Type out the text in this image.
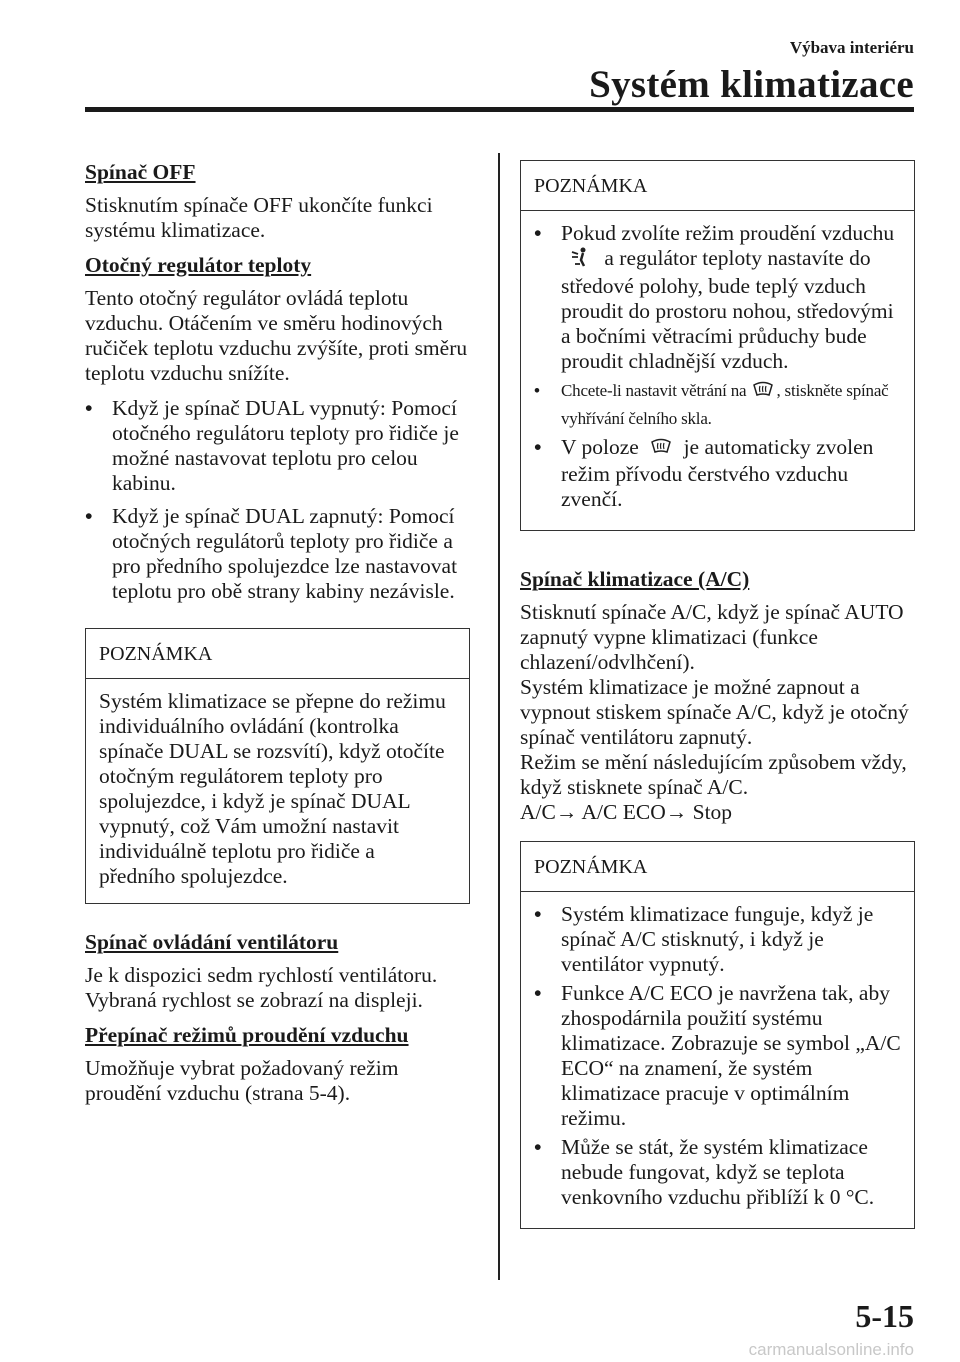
Výbava interiéru
Systém klimatizace
Spínač OFF
Stisknutím spínače OFF ukončíte funkci systému klimatizace.
Otočný regulátor teploty
Tento otočný regulátor ovládá teplotu vzduchu. Otáčením ve směru hodinových ručiček teplotu vzduchu zvýšíte, proti směru teplotu vzduchu snížíte.
• Když je spínač DUAL vypnutý: Pomocí otočného regulátoru teploty pro řidiče je možné nastavovat teplotu pro celou kabinu.
• Když je spínač DUAL zapnutý: Pomocí otočných regulátorů teploty pro řidiče a pro předního spolujezdce lze nastavovat teplotu pro obě strany kabiny nezávisle.
POZNÁMKA
Systém klimatizace se přepne do režimu individuálního ovládání (kontrolka spínače DUAL se rozsvítí), když otočíte otočným regulátorem teploty pro spolujezdce, i když je spínač DUAL vypnutý, což Vám umožní nastavit individuálně teplotu pro řidiče a předního spolujezdce.
Spínač ovládání ventilátoru
Je k dispozici sedm rychlostí ventilátoru. Vybraná rychlost se zobrazí na displeji.
Přepínač režimů proudění vzduchu
Umožňuje vybrat požadovaný režim proudění vzduchu (strana 5-4).
POZNÁMKA
• Pokud zvolíte režim proudění vzduchu  a regulátor teploty nastavíte do středové polohy, bude teplý vzduch proudit do prostoru nohou, středovými a bočními větracími průduchy bude proudit chladnější vzduch.
• Chcete-li nastavit větrání na , stiskněte spínač vyhřívání čelního skla.
• V poloze je automaticky zvolen režim přívodu čerstvého vzduchu zvenčí.
Spínač klimatizace (A/C)
Stisknutí spínače A/C, když je spínač AUTO zapnutý vypne klimatizaci (funkce chlazení/odvlhčení).
Systém klimatizace je možné zapnout a vypnout stiskem spínače A/C, když je otočný spínač ventilátoru zapnutý.
Režim se mění následujícím způsobem vždy, když stisknete spínač A/C.
A/C→ A/C ECO→ Stop
POZNÁMKA
• Systém klimatizace funguje, když je spínač A/C stisknutý, i když je ventilátor vypnutý.
• Funkce A/C ECO je navržena tak, aby zhospodárnila použití systému klimatizace. Zobrazuje se symbol „A/C ECO“ na znamení, že systém klimatizace pracuje v optimálním režimu.
• Může se stát, že systém klimatizace nebude fungovat, když se teplota venkovního vzduchu přiblíží k 0 °C.
5-15
carmanualsonline.info
